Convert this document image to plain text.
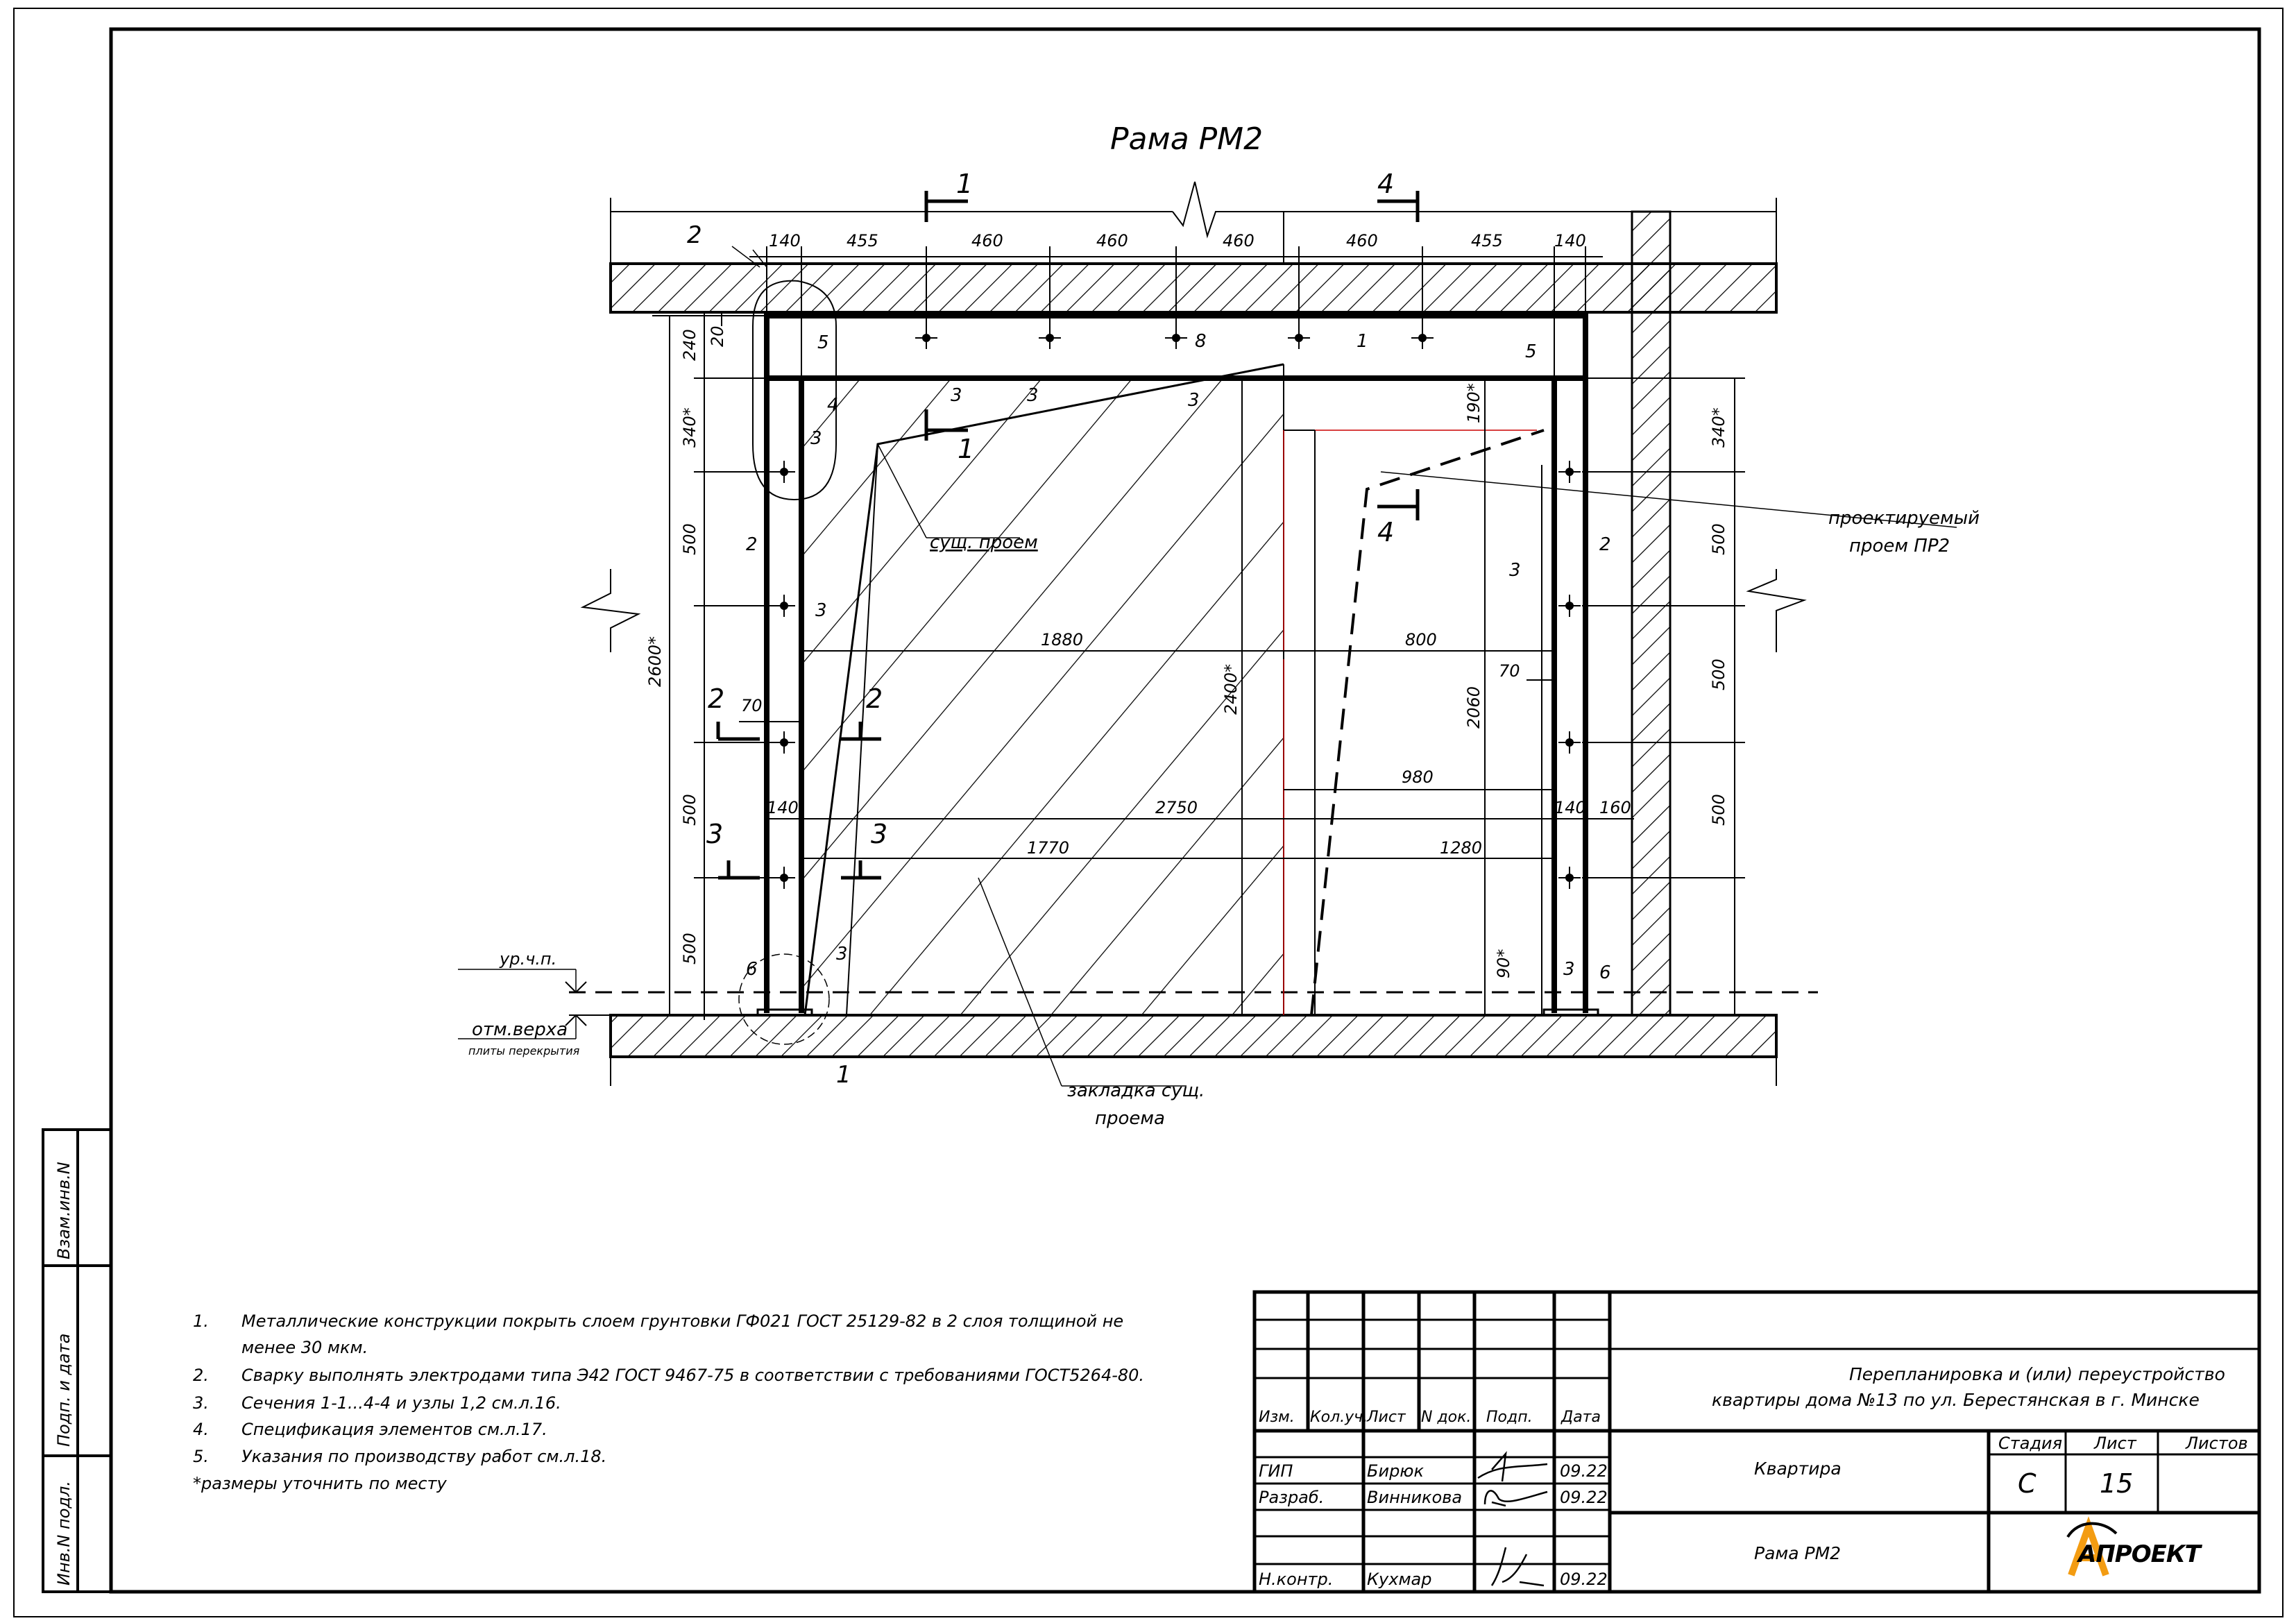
Рама РМ2
1	4
1
4
2	2
3	3
140	455	460	460	460	460	455	140
240 20
340*
500
500
500
2600*
340*
500
500
500
1880	800
2400*	2060
980
2750
1770	1280
190*
90*
70
70
140	140 160
2
5	5
8	1
4	3	3	3
3
3
3
3
3
2	2
6	6
1
сущ. проем
проектируемый
проем ПР2
закладка сущ.
проема
ур.ч.п.
отм.верха
плиты перекрытия
Взам.инв.N
Подп. и дата
Инв.N подл.
1. Металлические конструкции покрыть слоем грунтовки ГФ021 ГОСТ 25129-82 в 2 слоя толщиной не
менее 30 мкм.
2. Сварку выполнять электродами типа Э42 ГОСТ 9467-75 в соответствии с требованиями ГОСТ5264-80.
3. Сечения 1-1...4-4 и узлы 1,2 см.л.16.
4. Спецификация элементов см.л.17.
5. Указания по производству работ см.л.18.
*размеры уточнить по месту
Изм. Кол.уч.
Лист N док. Подп. Дата
ГИП	Бирюк	09.22
Разраб.	Винникова	09.22
Н.контр. Кухмар	09.22
Перепланировка и (или) переустройство
квартиры дома №13 по ул. Берестянская в г. Минске
Квартира
Рама РМ2
Стадия Лист	Листов
С 15
АПРОЕКТ
